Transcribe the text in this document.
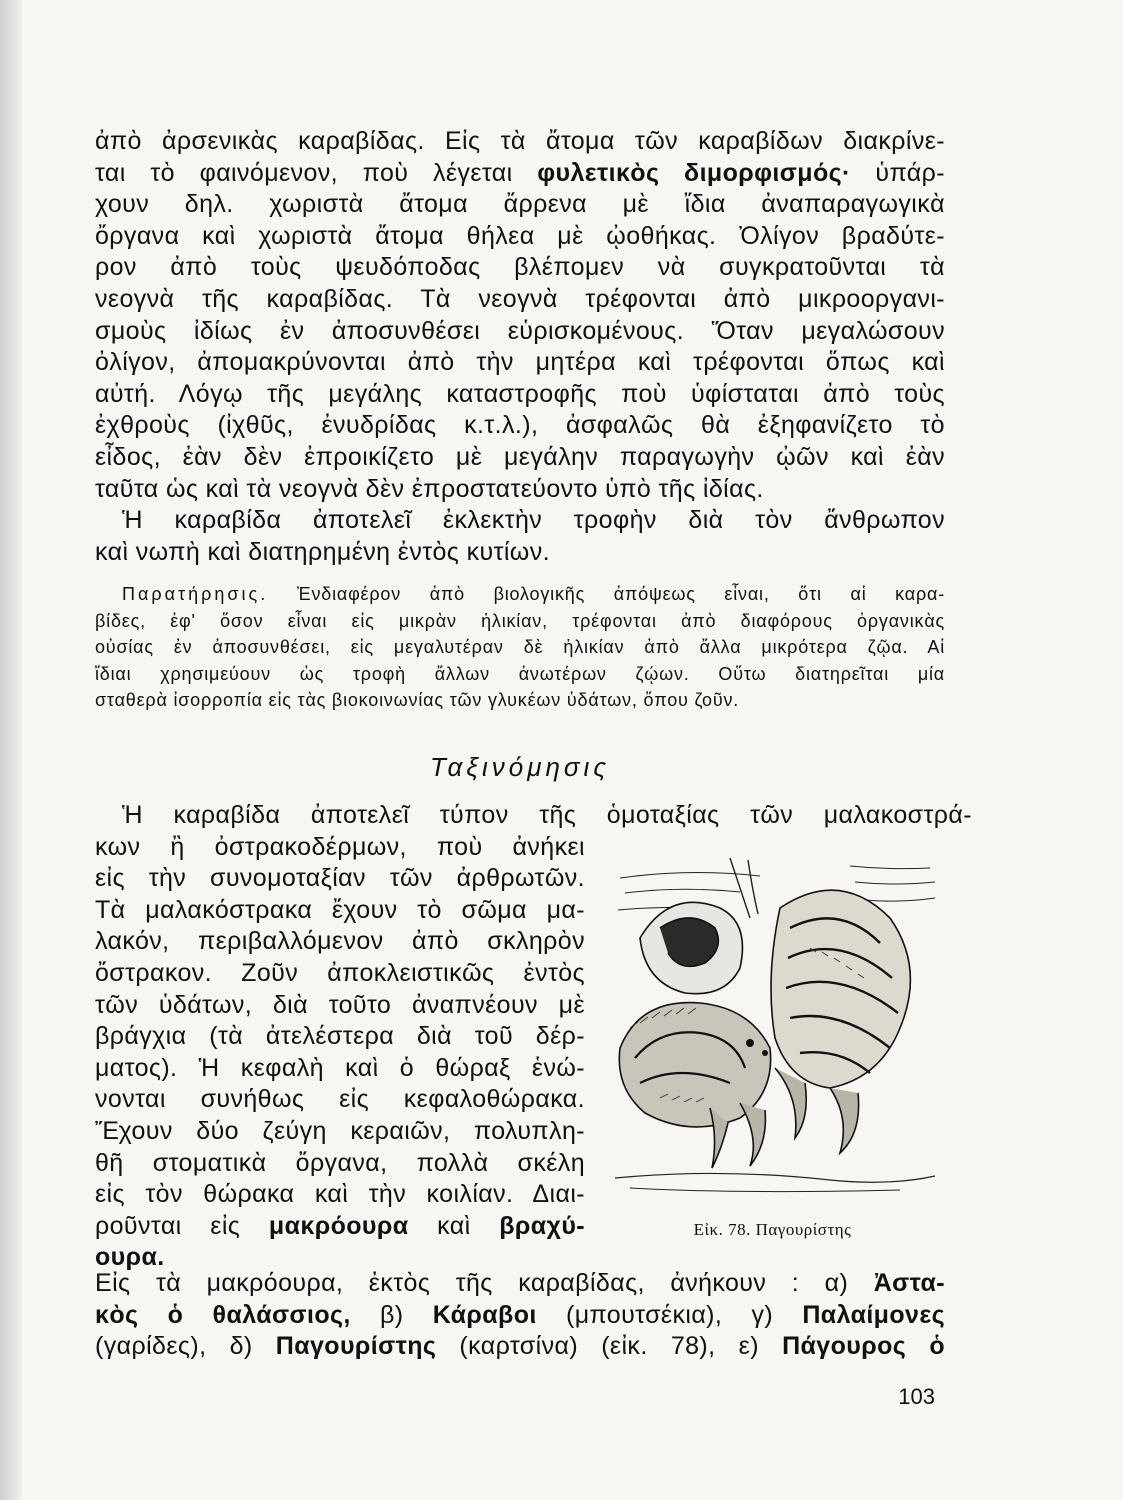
ἀπὸ ἀρσενικὰς καραβίδας. Εἰς τὰ ἄτομα τῶν καραβίδων διακρίνε-
ται τὸ φαινόμενον, ποὺ λέγεται φυλετικὸς διμορφισμός· ὑπάρ-
χουν δηλ. χωριστὰ ἄτομα ἄρρενα μὲ ἴδια ἀναπαραγωγικὰ
ὄργανα καὶ χωριστὰ ἄτομα θήλεα μὲ ᾠοθήκας. Ὀλίγον βραδύτε-
ρον ἀπὸ τοὺς ψευδόποδας βλέπομεν νὰ συγκρατοῦνται τὰ
νεογνὰ τῆς καραβίδας. Τὰ νεογνὰ τρέφονται ἀπὸ μικροοργανι-
σμοὺς ἰδίως ἐν ἀποσυνθέσει εὑρισκομένους. Ὅταν μεγαλώσουν
ὀλίγον, ἀπομακρύνονται ἀπὸ τὴν μητέρα καὶ τρέφονται ὅπως καὶ
αὐτή. Λόγῳ τῆς μεγάλης καταστροφῆς ποὺ ὑφίσταται ἀπὸ τοὺς
ἐχθροὺς (ἰχθῦς, ἐνυδρίδας κ.τ.λ.), ἀσφαλῶς θὰ ἐξηφανίζετο τὸ
εἶδος, ἐὰν δὲν ἐπροικίζετο μὲ μεγάλην παραγωγὴν ᾠῶν καὶ ἐὰν
ταῦτα ὡς καὶ τὰ νεογνὰ δὲν ἐπροστατεύοντο ὑπὸ τῆς ἰδίας.
Ἡ καραβίδα ἀποτελεῖ ἐκλεκτὴν τροφὴν διὰ τὸν ἄνθρωπον
καὶ νωπὴ καὶ διατηρημένη ἐντὸς κυτίων.
Παρατήρησις. Ἐνδιαφέρον ἀπὸ βιολογικῆς ἀπόψεως εἶναι, ὅτι αἱ καρα-
βίδες, ἐφ' ὅσον εἶναι εἰς μικρὰν ἡλικίαν, τρέφονται ἀπὸ διαφόρους ὀργανικὰς
οὐσίας ἐν ἀποσυνθέσει, εἰς μεγαλυτέραν δὲ ἡλικίαν ἀπὸ ἄλλα μικρότερα ζῷα. Αἱ
ἴδιαι χρησιμεύουν ὡς τροφὴ ἄλλων ἀνωτέρων ζῴων. Οὕτω διατηρεῖται μία
σταθερὰ ἰσορροπία εἰς τὰς βιοκοινωνίας τῶν γλυκέων ὑδάτων, ὅπου ζοῦν.
Ταξινόμησις
Ἡ καραβίδα ἀποτελεῖ τύπον τῆς ὁμοταξίας τῶν μαλακοστρά-
κων ἢ ὀστρακοδέρμων, ποὺ ἀνήκει
εἰς τὴν συνομοταξίαν τῶν ἀρθρωτῶν.
Τὰ μαλακόστρακα ἔχουν τὸ σῶμα μα-
λακόν, περιβαλλόμενον ἀπὸ σκληρὸν
ὄστρακον. Ζοῦν ἀποκλειστικῶς ἐντὸς
τῶν ὑδάτων, διὰ τοῦτο ἀναπνέουν μὲ
βράγχια (τὰ ἀτελέστερα διὰ τοῦ δέρ-
ματος). Ἡ κεφαλὴ καὶ ὁ θώραξ ἑνώ-
νονται συνήθως εἰς κεφαλοθώρακα.
Ἔχουν δύο ζεύγη κεραιῶν, πολυπλη-
θῆ στοματικὰ ὄργανα, πολλὰ σκέλη
εἰς τὸν θώρακα καὶ τὴν κοιλίαν. Διαι-
ροῦνται εἰς μακρόουρα καὶ βραχύ-
ουρα.
Εἰκ. 78. Παγουρίστης
Εἰς τὰ μακρόουρα, ἐκτὸς τῆς καραβίδας, ἀνήκουν : α) Ἀστα-
κὸς ὁ θαλάσσιος, β) Κάραβοι (μπουτσέκια), γ) Παλαίμονες
(γαρίδες), δ) Παγουρίστης (καρτσίνα) (εἰκ. 78), ε) Πάγουρος ὁ
103
